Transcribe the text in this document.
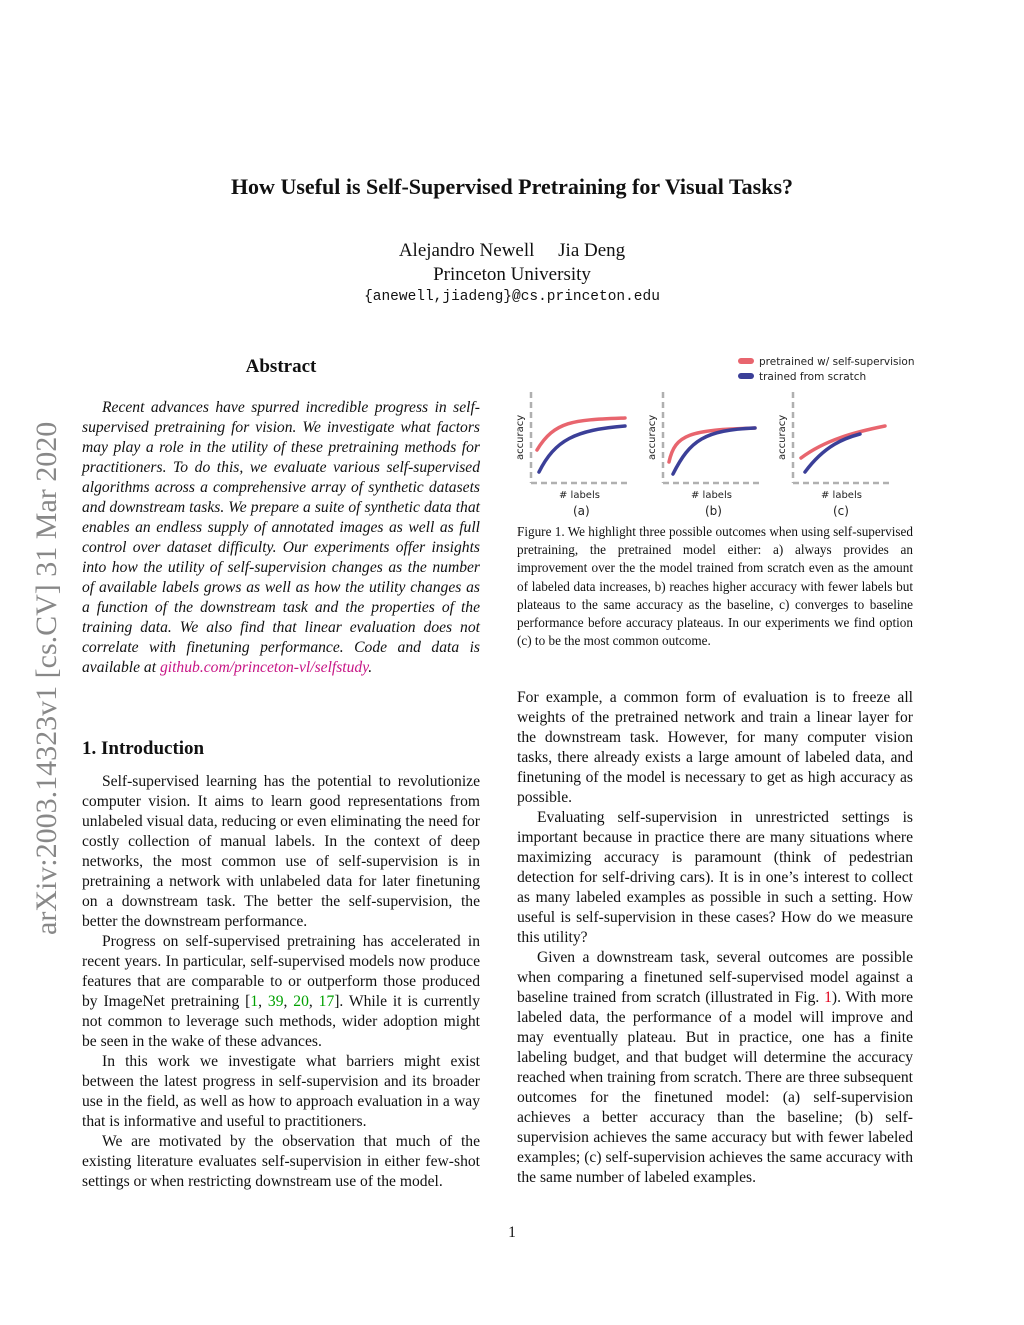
arXiv:2003.14323v1 [cs.CV] 31 Mar 2020
How Useful is Self-Supervised Pretraining for Visual Tasks?
Alejandro Newell     Jia Deng
Princeton University
{anewell,jiadeng}@cs.princeton.edu
Abstract

Recent advances have spurred incredible progress in self-supervised pretraining for vision. We investigate what factors may play a role in the utility of these pretraining methods for practitioners. To do this, we evaluate various self-supervised algorithms across a comprehensive array of synthetic datasets and downstream tasks. We prepare a suite of synthetic data that enables an endless supply of annotated images as well as full control over dataset difficulty. Our experiments offer insights into how the utility of self-supervision changes as the number of available labels grows as well as how the utility changes as a function of the downstream task and the properties of the training data. We also find that linear evaluation does not correlate with finetuning performance. Code and data is available at github.com/princeton-vl/selfstudy.

1. Introduction

Self-supervised learning has the potential to revolutionize computer vision. It aims to learn good representations from unlabeled visual data, reducing or even eliminating the need for costly collection of manual labels. In the context of deep networks, the most common use of self-supervision is in pretraining a network with unlabeled data for later finetuning on a downstream task. The better the self-supervision, the better the downstream performance.

Progress on self-supervised pretraining has accelerated in recent years. In particular, self-supervised models now produce features that are comparable to or outperform those produced by ImageNet pretraining [1, 39, 20, 17]. While it is currently not common to leverage such methods, wider adoption might be seen in the wake of these advances.

In this work we investigate what barriers might exist between the latest progress in self-supervision and its broader use in the field, as well as how to approach evaluation in a way that is informative and useful to practitioners.

We are motivated by the observation that much of the existing literature evaluates self-supervision in either few-shot settings or when restricting downstream use of the model.

pretrained w/ self-supervision
trained from scratch
accuracy
# labels
(a)
accuracy
# labels
(b)
accuracy
# labels
(c)
Figure 1. We highlight three possible outcomes when using self-supervised pretraining, the pretrained model either: a) always provides an improvement over the the model trained from scratch even as the amount of labeled data increases, b) reaches higher accuracy with fewer labels but plateaus to the same accuracy as the baseline, c) converges to baseline performance before accuracy plateaus. In our experiments we find option (c) to be the most common outcome.

For example, a common form of evaluation is to freeze all weights of the pretrained network and train a linear layer for the downstream task. However, for many computer vision tasks, there already exists a large amount of labeled data, and finetuning of the model is necessary to get as high accuracy as possible.

Evaluating self-supervision in unrestricted settings is important because in practice there are many situations where maximizing accuracy is paramount (think of pedestrian detection for self-driving cars). It is in one’s interest to collect as many labeled examples as possible in such a setting. How useful is self-supervision in these cases? How do we measure this utility?

Given a downstream task, several outcomes are possible when comparing a finetuned self-supervised model against a baseline trained from scratch (illustrated in Fig. 1). With more labeled data, the performance of a model will improve and may eventually plateau. But in practice, one has a finite labeling budget, and that budget will determine the accuracy reached when training from scratch. There are three subsequent outcomes for the finetuned model: (a) self-supervision achieves a better accuracy than the baseline; (b) self-supervision achieves the same accuracy but with fewer labeled examples; (c) self-supervision achieves the same accuracy with the same number of labeled examples.

1
